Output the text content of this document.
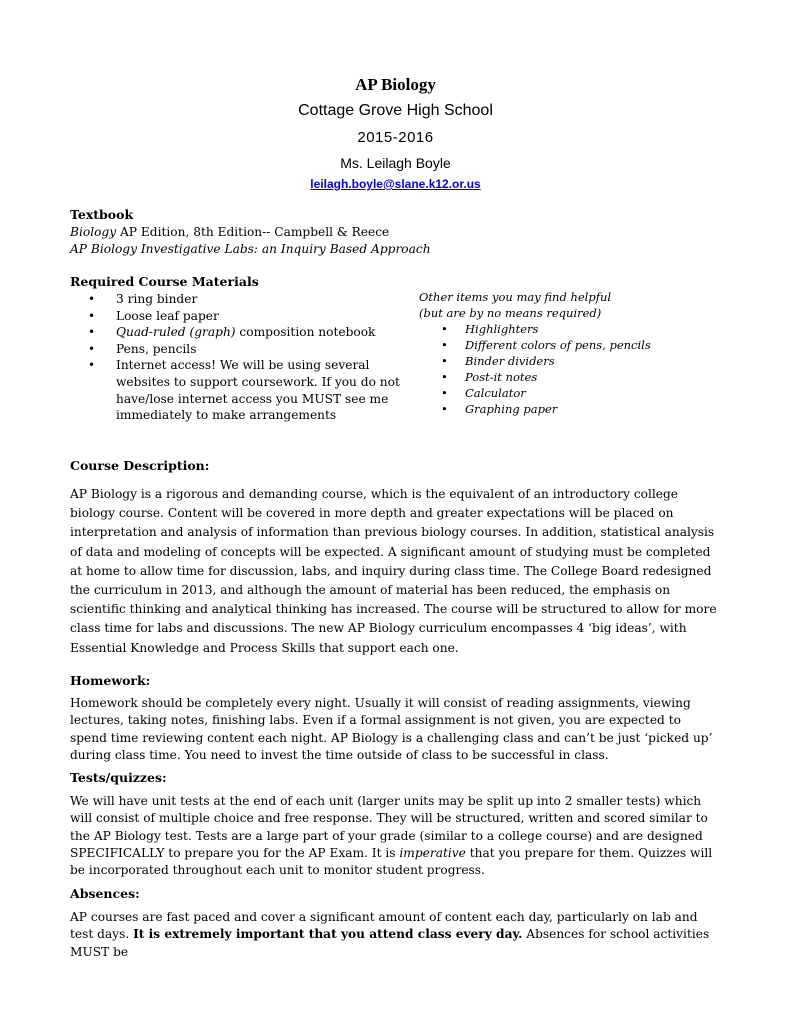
AP Biology
Cottage Grove High School
2015-2016
Ms. Leilagh Boyle
leilagh.boyle@slane.k12.or.us
Textbook
Biology AP Edition, 8th Edition-- Campbell & Reece
AP Biology Investigative Labs: an Inquiry Based Approach
Required Course Materials
• 3 ring binder
• Loose leaf paper
• Quad-ruled (graph) composition notebook
• Pens, pencils
• Internet access! We will be using several websites to support coursework. If you do not have/lose internet access you MUST see me immediately to make arrangements
Other items you may find helpful
(but are by no means required)
• Highlighters
• Different colors of pens, pencils
• Binder dividers
• Post-it notes
• Calculator
• Graphing paper
Course Description:
AP Biology is a rigorous and demanding course, which is the equivalent of an introductory college biology course. Content will be covered in more depth and greater expectations will be placed on interpretation and analysis of information than previous biology courses. In addition, statistical analysis of data and modeling of concepts will be expected. A significant amount of studying must be completed at home to allow time for discussion, labs, and inquiry during class time. The College Board redesigned the curriculum in 2013, and although the amount of material has been reduced, the emphasis on scientific thinking and analytical thinking has increased. The course will be structured to allow for more class time for labs and discussions. The new AP Biology curriculum encompasses 4 ‘big ideas’, with Essential Knowledge and Process Skills that support each one.
Homework:
Homework should be completely every night. Usually it will consist of reading assignments, viewing lectures, taking notes, finishing labs. Even if a formal assignment is not given, you are expected to spend time reviewing content each night. AP Biology is a challenging class and can’t be just ‘picked up’ during class time. You need to invest the time outside of class to be successful in class.
Tests/quizzes:
We will have unit tests at the end of each unit (larger units may be split up into 2 smaller tests) which will consist of multiple choice and free response. They will be structured, written and scored similar to the AP Biology test. Tests are a large part of your grade (similar to a college course) and are designed SPECIFICALLY to prepare you for the AP Exam. It is imperative that you prepare for them. Quizzes will be incorporated throughout each unit to monitor student progress.
Absences:
AP courses are fast paced and cover a significant amount of content each day, particularly on lab and test days. It is extremely important that you attend class every day. Absences for school activities MUST be
